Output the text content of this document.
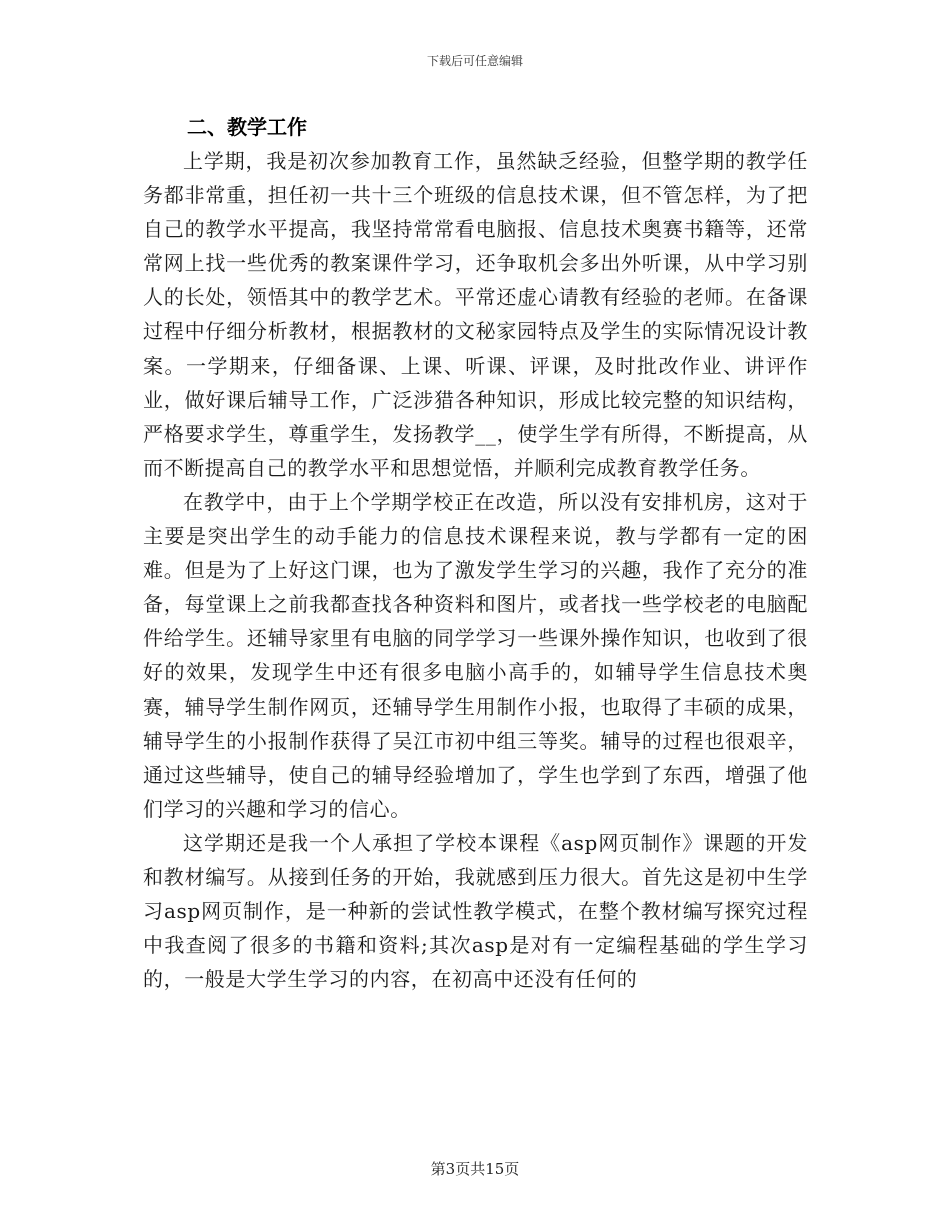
下载后可任意编辑
二、教学工作

上学期，我是初次参加教育工作，虽然缺乏经验，但整学期的教学任务都非常重，担任初一共十三个班级的信息技术课，但不管怎样，为了把自己的教学水平提高，我坚持常常看电脑报、信息技术奥赛书籍等，还常常网上找一些优秀的教案课件学习，还争取机会多出外听课，从中学习别人的长处，领悟其中的教学艺术。平常还虚心请教有经验的老师。在备课过程中仔细分析教材，根据教材的文秘家园特点及学生的实际情况设计教案。一学期来，仔细备课、上课、听课、评课，及时批改作业、讲评作业，做好课后辅导工作，广泛涉猎各种知识，形成比较完整的知识结构，严格要求学生，尊重学生，发扬教学__，使学生学有所得，不断提高，从而不断提高自己的教学水平和思想觉悟，并顺利完成教育教学任务。

在教学中，由于上个学期学校正在改造，所以没有安排机房，这对于主要是突出学生的动手能力的信息技术课程来说，教与学都有一定的困难。但是为了上好这门课，也为了激发学生学习的兴趣，我作了充分的准备，每堂课上之前我都查找各种资料和图片，或者找一些学校老的电脑配件给学生。还辅导家里有电脑的同学学习一些课外操作知识，也收到了很好的效果，发现学生中还有很多电脑小高手的，如辅导学生信息技术奥赛，辅导学生制作网页，还辅导学生用制作小报，也取得了丰硕的成果，辅导学生的小报制作获得了吴江市初中组三等奖。辅导的过程也很艰辛，通过这些辅导，使自己的辅导经验增加了，学生也学到了东西，增强了他们学习的兴趣和学习的信心。

这学期还是我一个人承担了学校本课程《asp网页制作》课题的开发和教材编写。从接到任务的开始，我就感到压力很大。首先这是初中生学习asp网页制作，是一种新的尝试性教学模式，在整个教材编写探究过程中我查阅了很多的书籍和资料;其次asp是对有一定编程基础的学生学习的，一般是大学生学习的内容，在初高中还没有任何的

第3页共15页
